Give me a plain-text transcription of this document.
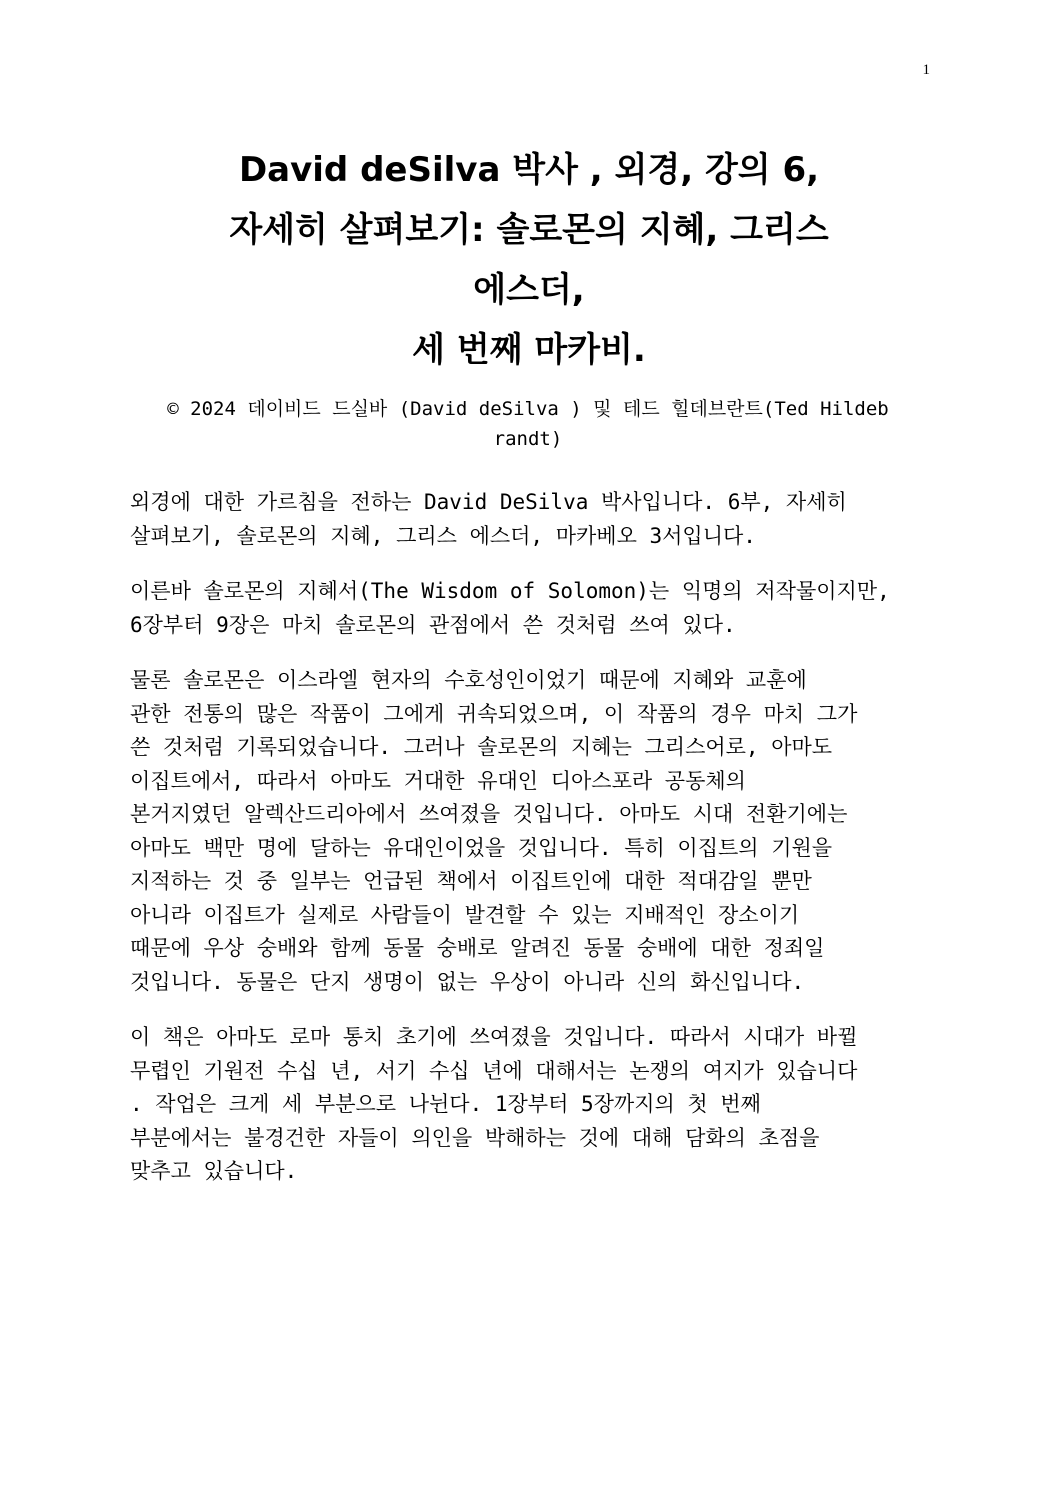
1
David deSilva 박사 , 외경, 강의 6,
자세히 살펴보기: 솔로몬의 지혜, 그리스
에스더,
세 번째 마카비.
© 2024 데이비드 드실바 (David deSilva ) 및 테드 힐데브란트(Ted Hildeb
randt)
외경에 대한 가르침을 전하는 David DeSilva 박사입니다. 6부, 자세히
살펴보기, 솔로몬의 지혜, 그리스 에스더, 마카베오 3서입니다.
이른바 솔로몬의 지혜서(The Wisdom of Solomon)는 익명의 저작물이지만,
6장부터 9장은 마치 솔로몬의 관점에서 쓴 것처럼 쓰여 있다.
물론 솔로몬은 이스라엘 현자의 수호성인이었기 때문에 지혜와 교훈에
관한 전통의 많은 작품이 그에게 귀속되었으며, 이 작품의 경우 마치 그가
쓴 것처럼 기록되었습니다. 그러나 솔로몬의 지혜는 그리스어로, 아마도
이집트에서, 따라서 아마도 거대한 유대인 디아스포라 공동체의
본거지였던 알렉산드리아에서 쓰여졌을 것입니다. 아마도 시대 전환기에는
아마도 백만 명에 달하는 유대인이었을 것입니다. 특히 이집트의 기원을
지적하는 것 중 일부는 언급된 책에서 이집트인에 대한 적대감일 뿐만
아니라 이집트가 실제로 사람들이 발견할 수 있는 지배적인 장소이기
때문에 우상 숭배와 함께 동물 숭배로 알려진 동물 숭배에 대한 정죄일
것입니다. 동물은 단지 생명이 없는 우상이 아니라 신의 화신입니다.
이 책은 아마도 로마 통치 초기에 쓰여졌을 것입니다. 따라서 시대가 바뀔
무렵인 기원전 수십 년, 서기 수십 년에 대해서는 논쟁의 여지가 있습니다
. 작업은 크게 세 부분으로 나뉜다. 1장부터 5장까지의 첫 번째
부분에서는 불경건한 자들이 의인을 박해하는 것에 대해 담화의 초점을
맞추고 있습니다.
